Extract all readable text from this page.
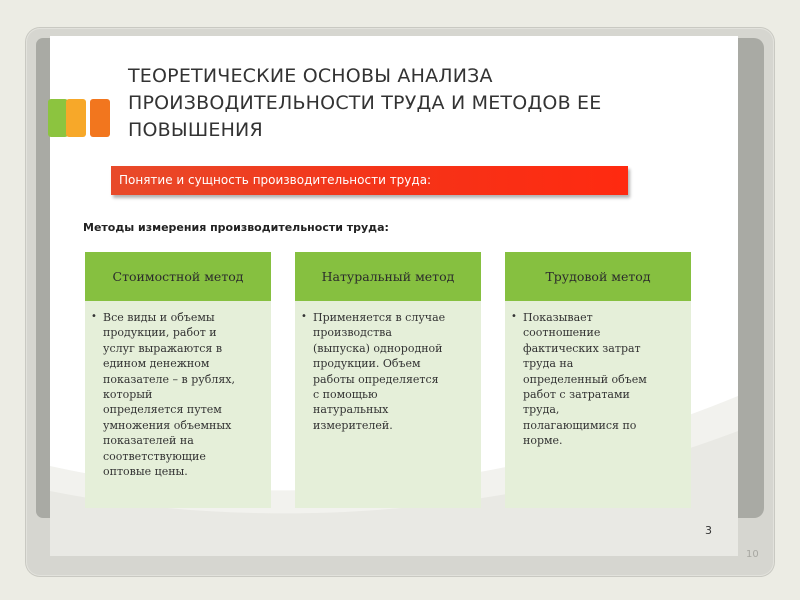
ТЕОРЕТИЧЕСКИЕ ОСНОВЫ АНАЛИЗА
ПРОИЗВОДИТЕЛЬНОСТИ ТРУДА И МЕТОДОВ ЕЕ
ПОВЫШЕНИЯ
Понятие и сущность производительности труда:
Методы измерения производительности труда:
Стоимостной метод
• Все виды и объемы
продукции, работ и
услуг выражаются в
едином денежном
показателе – в рублях,
который
определяется путем
умножения объемных
показателей на
соответствующие
оптовые цены.

Натуральный метод
• Применяется в случае
производства
(выпуска) однородной
продукции. Объем
работы определяется
с помощью
натуральных
измерителей.

Трудовой метод
• Показывает
соотношение
фактических затрат
труда на
определенный объем
работ с затратами
труда,
полагающимися по
норме.

3
10
